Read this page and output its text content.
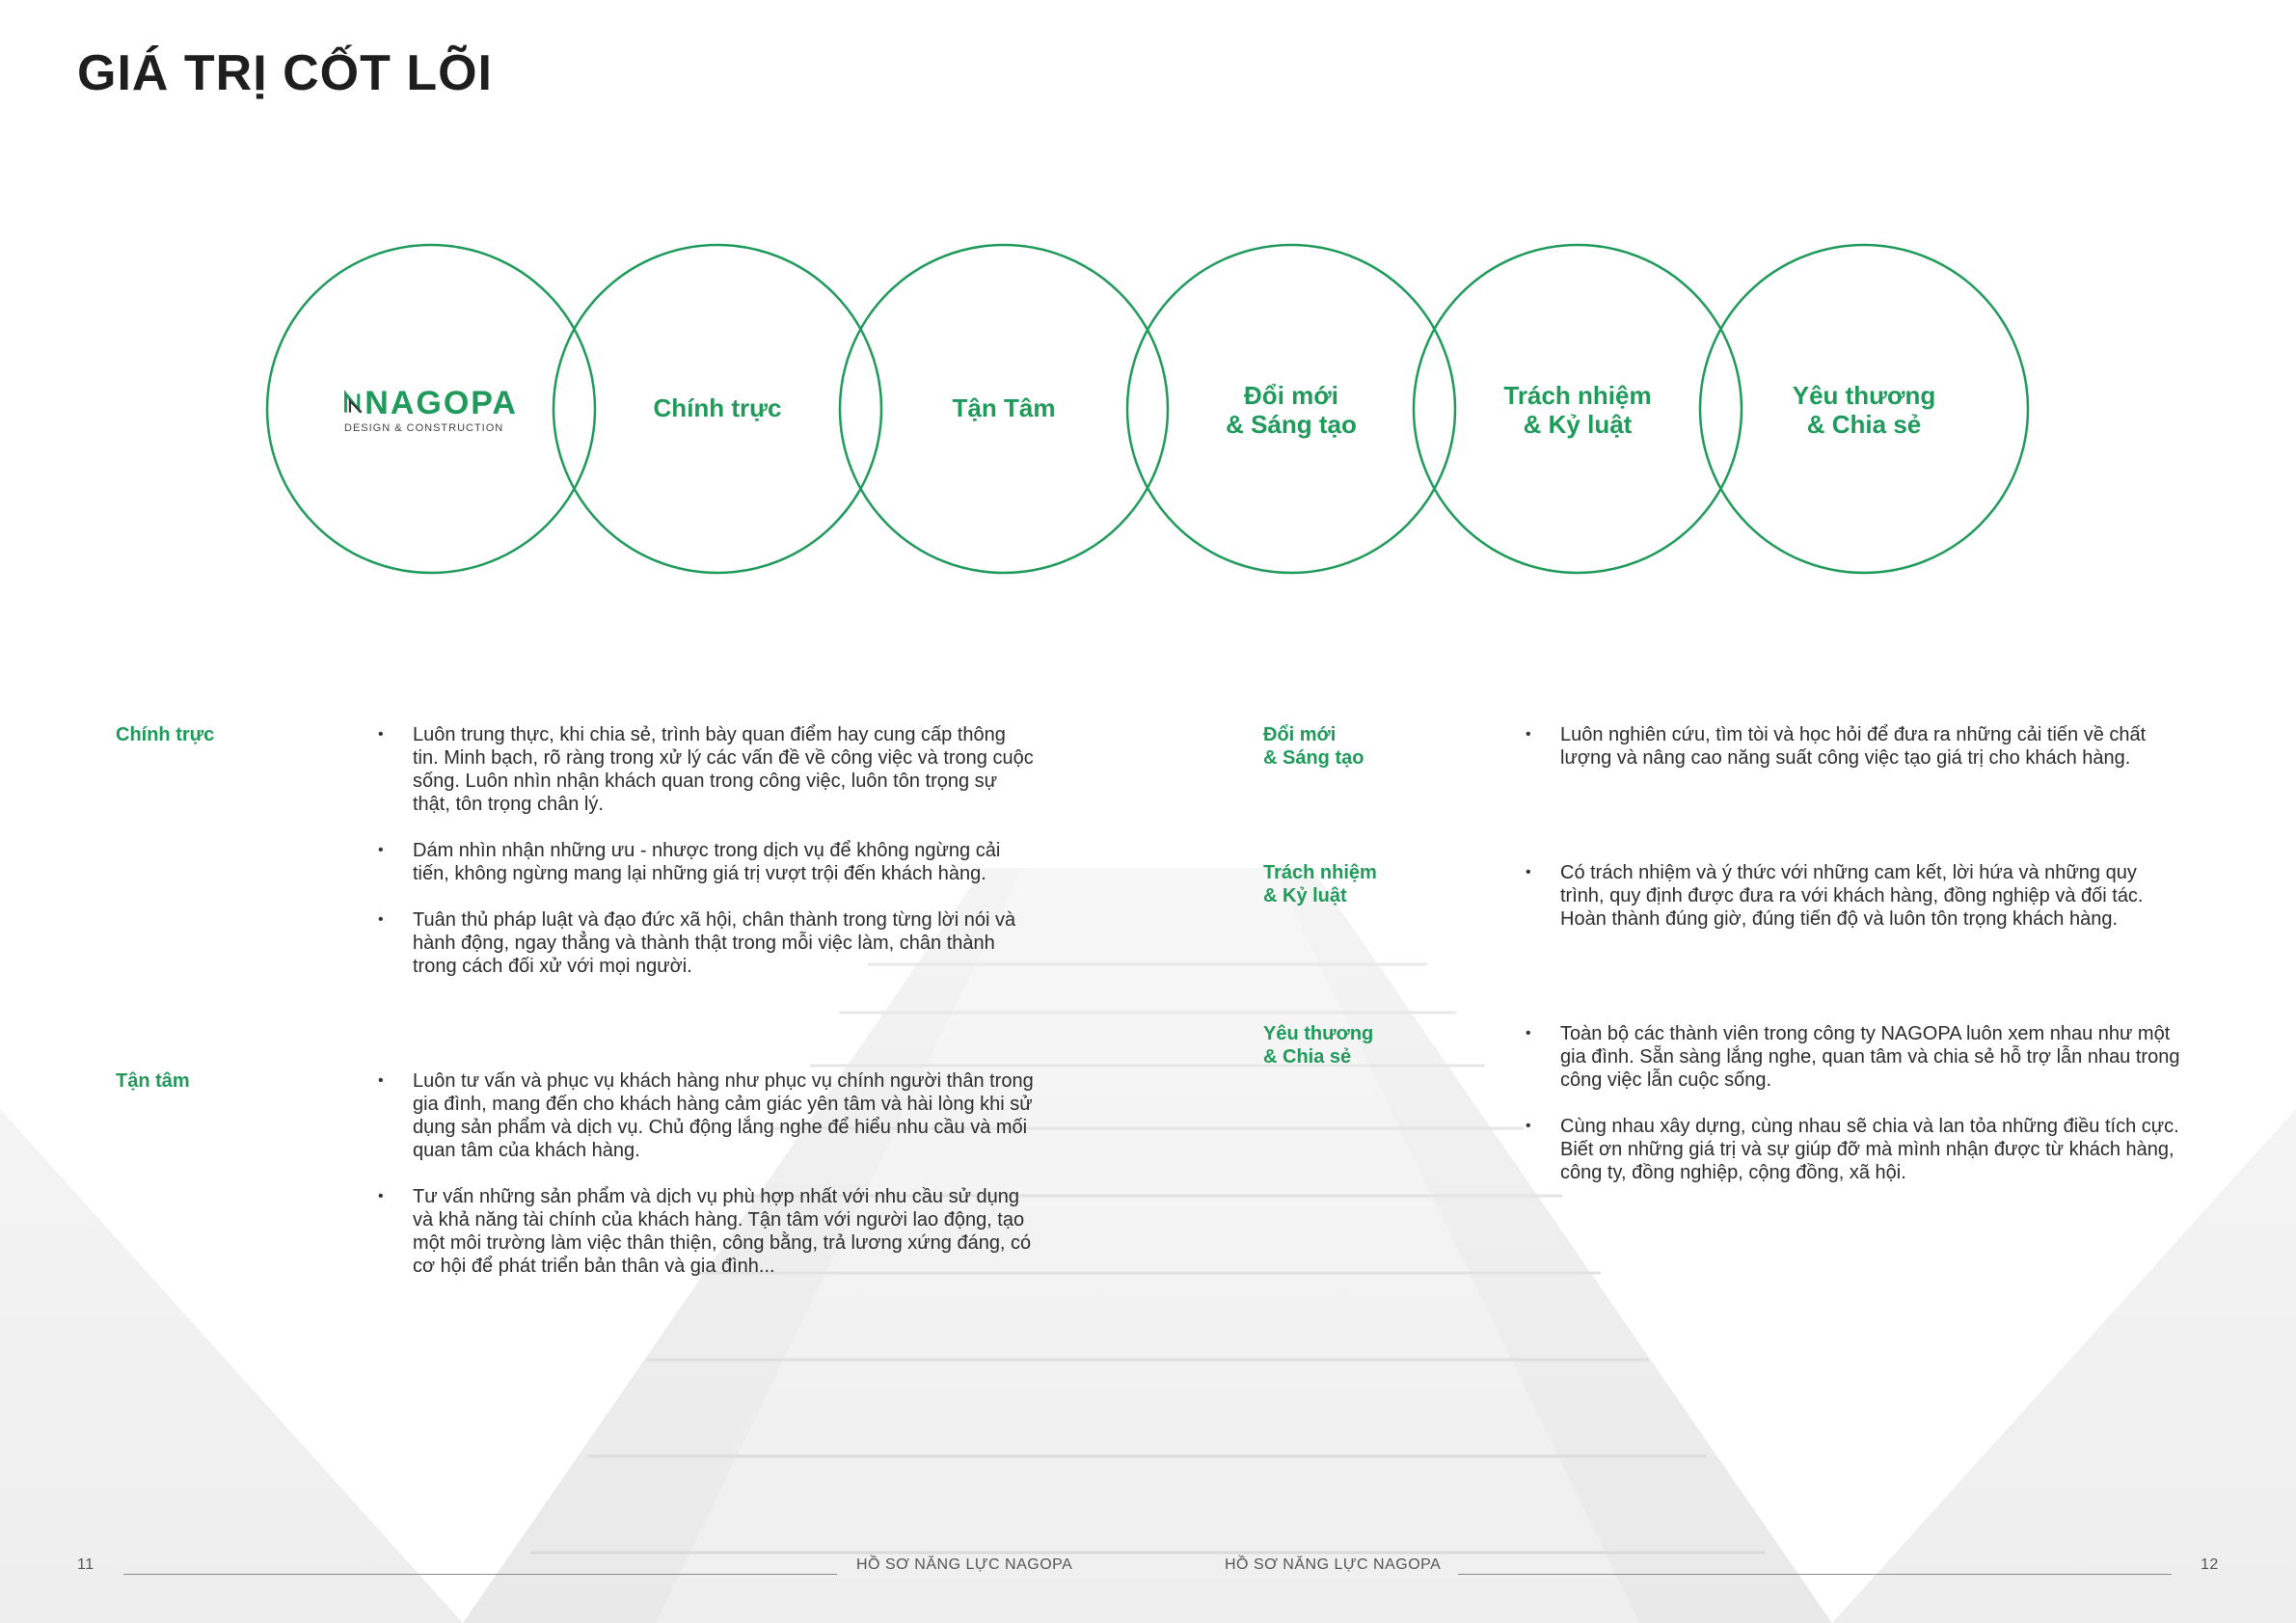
GIÁ TRỊ CỐT LÕI
NAGOPA
DESIGN & CONSTRUCTION
Chính trực	Tận Tâm	Đổi mới
& Sáng tạo
Trách nhiệm
& Kỷ luật
Yêu thương
& Chia sẻ
Chính trực	• Luôn trung thực, khi chia sẻ, trình bày quan điểm hay cung cấp thông tin. Minh bạch, rõ ràng trong xử lý các vấn đề về công việc và trong cuộc sống. Luôn nhìn nhận khách quan trong công việc, luôn tôn trọng sự thật, tôn trọng chân lý.
• Dám nhìn nhận những ưu - nhược trong dịch vụ để không ngừng cải tiến, không ngừng mang lại những giá trị vượt trội đến khách hàng.
• Tuân thủ pháp luật và đạo đức xã hội, chân thành trong từng lời nói và hành động, ngay thẳng và thành thật trong mỗi việc làm, chân thành trong cách đối xử với mọi người.
Tận tâm	• Luôn tư vấn và phục vụ khách hàng như phục vụ chính người thân trong gia đình, mang đến cho khách hàng cảm giác yên tâm và hài lòng khi sử dụng sản phẩm và dịch vụ. Chủ động lắng nghe để hiểu nhu cầu và mối quan tâm của khách hàng.
• Tư vấn những sản phẩm và dịch vụ phù hợp nhất với nhu cầu sử dụng và khả năng tài chính của khách hàng. Tận tâm với người lao động, tạo một môi trường làm việc thân thiện, công bằng, trả lương xứng đáng, có cơ hội để phát triển bản thân và gia đình...
Đổi mới
& Sáng tạo
• Luôn nghiên cứu, tìm tòi và học hỏi để đưa ra những cải tiến về chất lượng và nâng cao năng suất công việc tạo giá trị cho khách hàng.
Trách nhiệm
& Kỷ luật
• Có trách nhiệm và ý thức với những cam kết, lời hứa và những quy trình, quy định được đưa ra với khách hàng, đồng nghiệp và đối tác. Hoàn thành đúng giờ, đúng tiến độ và luôn tôn trọng khách hàng.
Yêu thương
& Chia sẻ
• Toàn bộ các thành viên trong công ty NAGOPA luôn xem nhau như một gia đình. Sẵn sàng lắng nghe, quan tâm và chia sẻ hỗ trợ lẫn nhau trong công việc lẫn cuộc sống.
• Cùng nhau xây dựng, cùng nhau sẽ chia và lan tỏa những điều tích cực. Biết ơn những giá trị và sự giúp đỡ mà mình nhận được từ khách hàng, công ty, đồng nghiệp, cộng đồng, xã hội.
11	HỒ SƠ NĂNG LỰC NAGOPA	HỒ SƠ NĂNG LỰC NAGOPA	12
